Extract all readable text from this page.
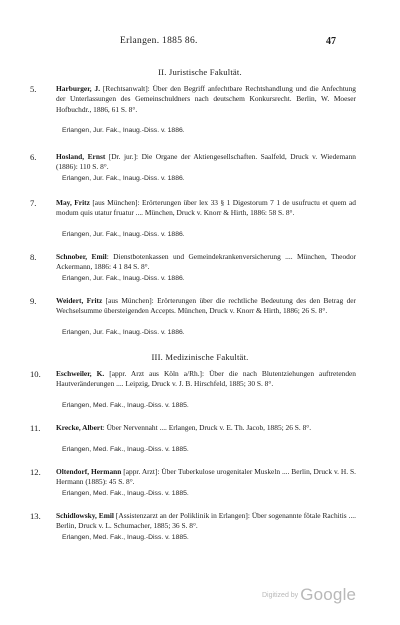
Erlangen. 1885 86.	47
II. Juristische Fakultät.
5.	Harburger, J. [Rechtsanwalt]: Über den Begriff anfechtbare Rechtshandlung und die Anfechtung der Unterlassungen des Gemeinschuldners nach deutschem Konkursrecht. Berlin, W. Moeser Hofbuchdr., 1886, 61 S. 8°.
Erlangen, Jur. Fak., Inaug.-Diss. v. 1886.
6.	Hosland, Ernst [Dr. jur.]: Die Organe der Aktiengesellschaften. Saalfeld, Druck v. Wiedemann (1886): 110 S. 8°.
Erlangen, Jur. Fak., Inaug.-Diss. v. 1886.
7.	May, Fritz [aus München]: Erörterungen über lex 33 § 1 Digestorum 7 1 de usufructu et quem ad modum quis utatur fruatur .... München, Druck v. Knorr & Hirth, 1886: 58 S. 8°.
Erlangen, Jur. Fak., Inaug.-Diss. v. 1886.
8.	Schnober, Emil: Dienstbotenkassen und Gemeindekrankenversicherung .... München, Theodor Ackermann, 1886: 4 1 84 S. 8°.
Erlangen, Jur. Fak., Inaug.-Diss. v. 1886.
9.	Weidert, Fritz [aus München]: Erörterungen über die rechtliche Bedeutung des den Betrag der Wechselsumme übersteigenden Accepts. München, Druck v. Knorr & Hirth, 1886; 26 S. 8°.
Erlangen, Jur. Fak., Inaug.-Diss. v. 1886.
III. Medizinische Fakultät.
10.	Eschweiler, K. [appr. Arzt aus Köln a/Rh.]: Über die nach Blutentziehungen auftretenden Hautveränderungen .... Leipzig, Druck v. J. B. Hirschfeld, 1885; 30 S. 8°.
Erlangen, Med. Fak., Inaug.-Diss. v. 1885.
11.	Krecke, Albert: Über Nervennaht .... Erlangen, Druck v. E. Th. Jacob, 1885; 26 S. 8°.
Erlangen, Med. Fak., Inaug.-Diss. v. 1885.
12.	Oltendorf, Hermann [appr. Arzt]: Über Tuberkulose urogenitaler Muskeln .... Berlin, Druck v. H. S. Hermann (1885): 45 S. 8°.
Erlangen, Med. Fak., Inaug.-Diss. v. 1885.
13.	Schidlowsky, Emil [Assistenzarzt an der Poliklinik in Erlangen]: Über sogenannte fötale Rachitis .... Berlin, Druck v. L. Schumacher, 1885; 36 S. 8°.
Erlangen, Med. Fak., Inaug.-Diss. v. 1885.
Digitized by Google
